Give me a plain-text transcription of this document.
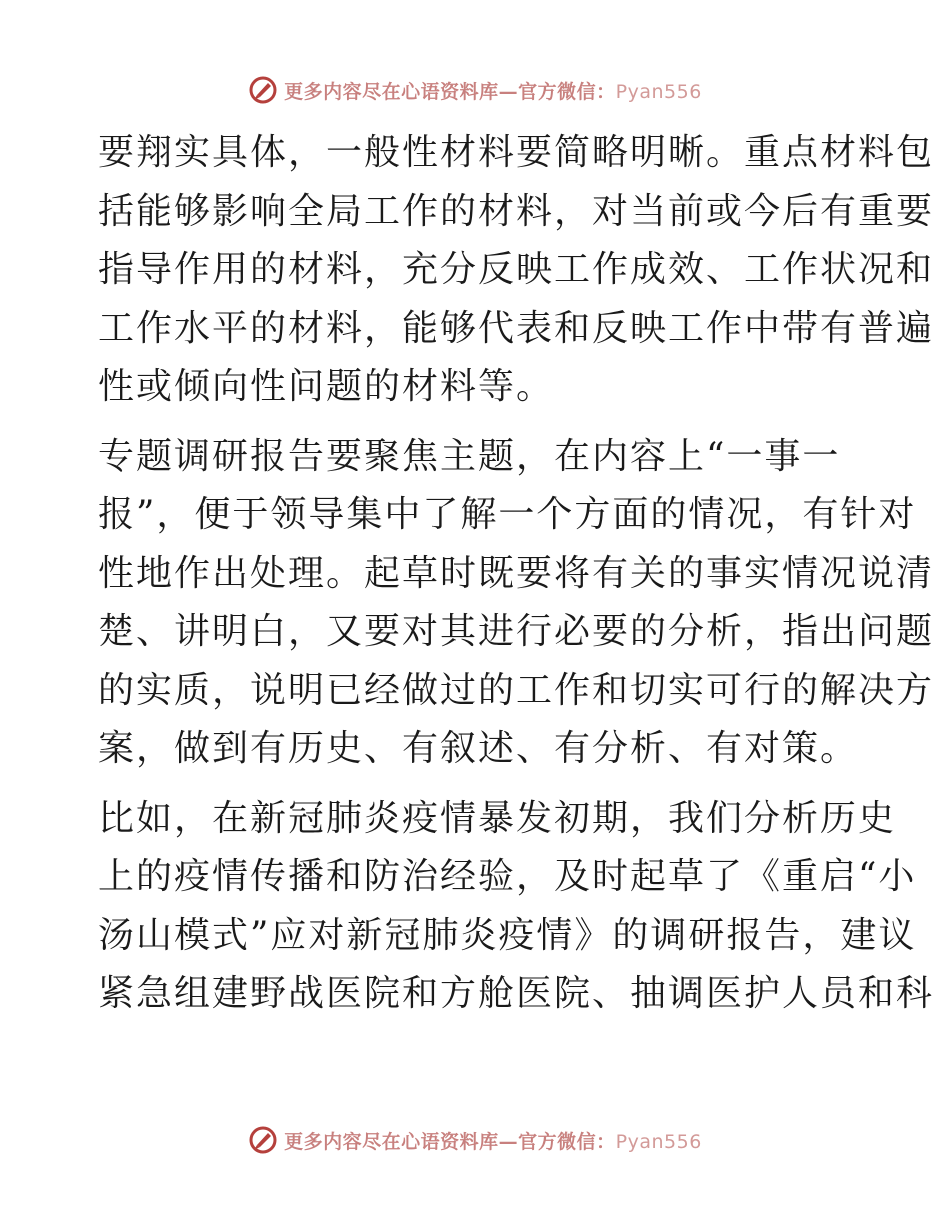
更多内容尽在心语资料库—官方微信：Pyan556
要翔实具体，一般性材料要简略明晰。重点材料包
括能够影响全局工作的材料，对当前或今后有重要
指导作用的材料，充分反映工作成效、工作状况和
工作水平的材料，能够代表和反映工作中带有普遍
性或倾向性问题的材料等。
专题调研报告要聚焦主题，在内容上“一事一
报”，便于领导集中了解一个方面的情况，有针对
性地作出处理。起草时既要将有关的事实情况说清
楚、讲明白，又要对其进行必要的分析，指出问题
的实质，说明已经做过的工作和切实可行的解决方
案，做到有历史、有叙述、有分析、有对策。
比如，在新冠肺炎疫情暴发初期，我们分析历史
上的疫情传播和防治经验，及时起草了《重启“小
汤山模式”应对新冠肺炎疫情》的调研报告，建议
紧急组建野战医院和方舱医院、抽调医护人员和科
更多内容尽在心语资料库—官方微信：Pyan556
